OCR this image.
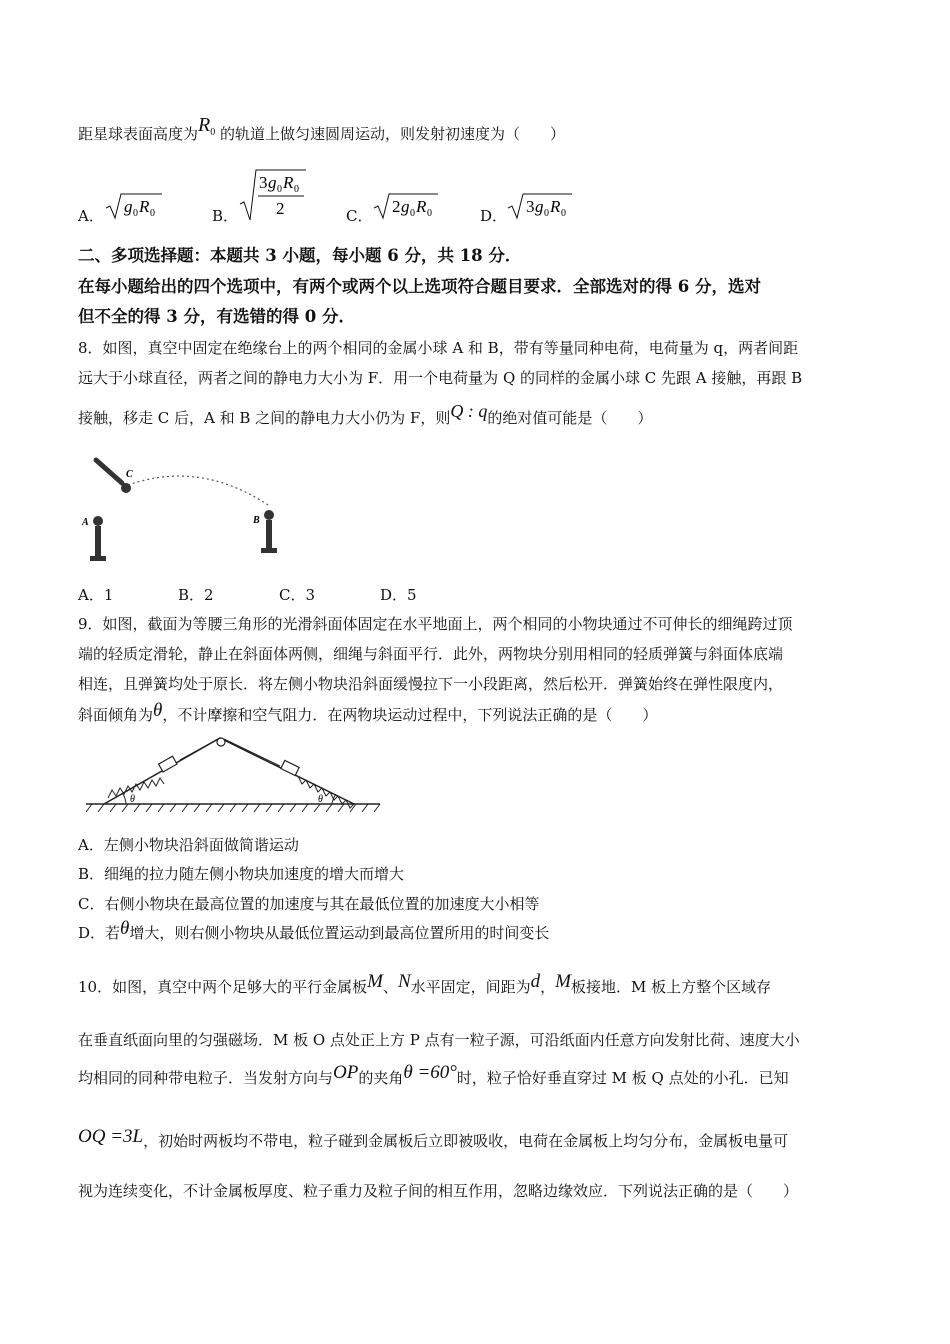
距星球表面高度为$R_0$ 的轨道上做匀速圆周运动，则发射初速度为（　　）
A． g 0 R 0	B．
3 g 0 R 0
2	C． 2 g 0 R 0	D． 3 g 0 R 0
二、多项选择题：本题共 3 小题，每小题 6 分，共 18 分．
在每小题给出的四个选项中，有两个或两个以上选项符合题目要求．全部选对的得 6 分，选对
但不全的得 3 分，有选错的得 0 分．
8．如图，真空中固定在绝缘台上的两个相同的金属小球 A 和 B，带有等量同种电荷，电荷量为 q，两者间距
远大于小球直径，两者之间的静电力大小为 F．用一个电荷量为 Q 的同样的金属小球 C 先跟 A 接触，再跟 B
接触，移走 C 后，A 和 B 之间的静电力大小仍为 F，则Q : q的绝对值可能是（　　）
C
A	B
A．1	B．2	C．3	D．5
9．如图，截面为等腰三角形的光滑斜面体固定在水平地面上，两个相同的小物块通过不可伸长的细绳跨过顶
端的轻质定滑轮，静止在斜面体两侧，细绳与斜面平行．此外，两物块分别用相同的轻质弹簧与斜面体底端
相连，且弹簧均处于原长．将左侧小物块沿斜面缓慢拉下一小段距离，然后松开．弹簧始终在弹性限度内，
斜面倾角为θ，不计摩擦和空气阻力．在两物块运动过程中，下列说法正确的是（　　）
θ	θ
A．左侧小物块沿斜面做简谐运动
B．细绳的拉力随左侧小物块加速度的增大而增大
C．右侧小物块在最高位置的加速度与其在最低位置的加速度大小相等
D．若θ增大，则右侧小物块从最低位置运动到最高位置所用的时间变长
10．如图，真空中两个足够大的平行金属板M、N水平固定，间距为d，M板接地．M 板上方整个区域存
在垂直纸面向里的匀强磁场．M 板 O 点处正上方 P 点有一粒子源，可沿纸面内任意方向发射比荷、速度大小
均相同的同种带电粒子．当发射方向与OP的夹角θ =60°时，粒子恰好垂直穿过 M 板 Q 点处的小孔．已知
OQ =3L，初始时两板均不带电，粒子碰到金属板后立即被吸收，电荷在金属板上均匀分布，金属板电量可
视为连续变化，不计金属板厚度、粒子重力及粒子间的相互作用，忽略边缘效应．下列说法正确的是（　　）
